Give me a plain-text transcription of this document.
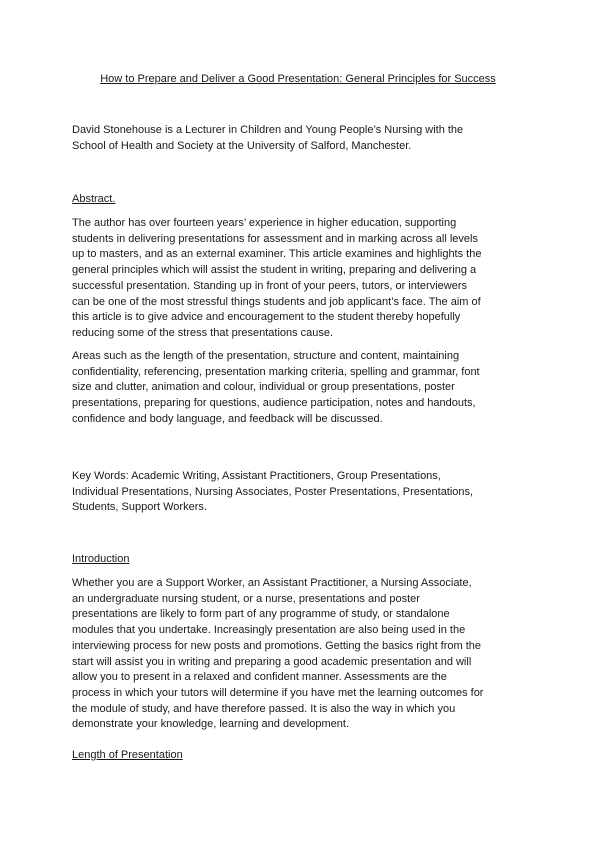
How to Prepare and Deliver a Good Presentation: General Principles for Success
David Stonehouse is a Lecturer in Children and Young People’s Nursing with the
School of Health and Society at the University of Salford, Manchester.
Abstract.
The author has over fourteen years’ experience in higher education, supporting
students in delivering presentations for assessment and in marking across all levels
up to masters, and as an external examiner. This article examines and highlights the
general principles which will assist the student in writing, preparing and delivering a
successful presentation. Standing up in front of your peers, tutors, or interviewers
can be one of the most stressful things students and job applicant’s face. The aim of
this article is to give advice and encouragement to the student thereby hopefully
reducing some of the stress that presentations cause.
Areas such as the length of the presentation, structure and content, maintaining
confidentiality, referencing, presentation marking criteria, spelling and grammar, font
size and clutter, animation and colour, individual or group presentations, poster
presentations, preparing for questions, audience participation, notes and handouts,
confidence and body language, and feedback will be discussed.
Key Words: Academic Writing, Assistant Practitioners, Group Presentations,
Individual Presentations, Nursing Associates, Poster Presentations, Presentations,
Students, Support Workers.
Introduction
Whether you are a Support Worker, an Assistant Practitioner, a Nursing Associate,
an undergraduate nursing student, or a nurse, presentations and poster
presentations are likely to form part of any programme of study, or standalone
modules that you undertake. Increasingly presentation are also being used in the
interviewing process for new posts and promotions. Getting the basics right from the
start will assist you in writing and preparing a good academic presentation and will
allow you to present in a relaxed and confident manner. Assessments are the
process in which your tutors will determine if you have met the learning outcomes for
the module of study, and have therefore passed. It is also the way in which you
demonstrate your knowledge, learning and development.
Length of Presentation
